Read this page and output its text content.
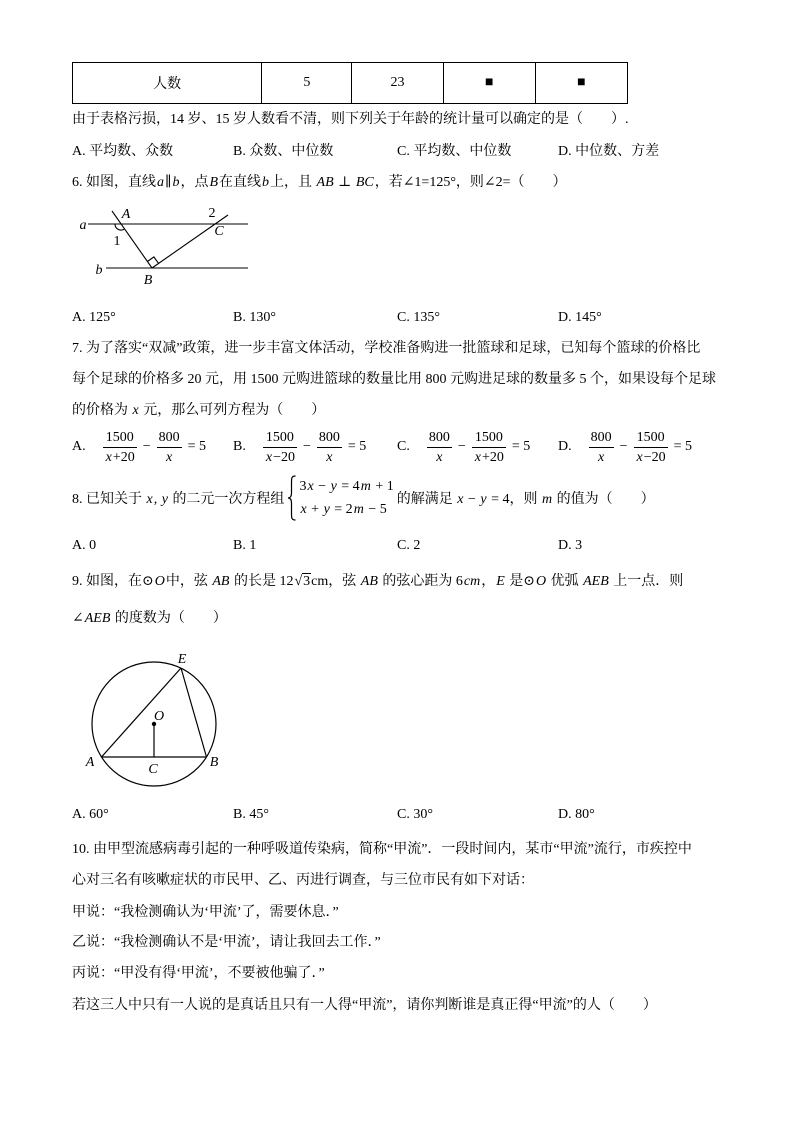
人数	5	23	■	■
由于表格污损，14 岁、15 岁人数看不清，则下列关于年龄的统计量可以确定的是（　　）.
A. 平均数、众数	B. 众数、中位数	C. 平均数、中位数	D. 中位数、方差
6. 如图，直线a∥b，点B在直线b上，且 AB ⊥ BC，若∠1=125°，则∠2=（　　）
a
b
A
1
2
C
B
A. 125°	B. 130°	C. 135°	D. 145°
7. 为了落实“双减”政策，进一步丰富文体活动，学校准备购进一批篮球和足球，已知每个篮球的价格比
每个足球的价格多 20 元，用 1500 元购进篮球的数量比用 800 元购进足球的数量多 5 个，如果设每个足球
的价格为 x 元，那么可列方程为（　　）
A. $\frac{1500}{x+20} - \frac{800}{x} = 5$ B. $\frac{1500}{x-20} - \frac{800}{x} = 5$ C. $\frac{800}{x} - \frac{1500}{x+20} = 5$ D. $\frac{800}{x} - \frac{1500}{x-20} = 5$
8. 已知关于 x, y 的二元一次方程组
3x − y = 4m + 1
x + y = 2m − 5
的解满足 x − y = 4，则 m 的值为（　　）
A. 0	B. 1	C. 2	D. 3
9. 如图，在⊙O中，弦 AB 的长是 12√3cm，弦 AB 的弦心距为 6cm，E 是⊙O 优弧 AEB 上一点．则
∠AEB 的度数为（　　）
E
O
A	B
C
A. 60°	B. 45°	C. 30°	D. 80°
10. 由甲型流感病毒引起的一种呼吸道传染病，简称“甲流”．一段时间内，某市“甲流”流行，市疾控中
心对三名有咳嗽症状的市民甲、乙、丙进行调查，与三位市民有如下对话：
甲说：“我检测确认为‘甲流’了，需要休息．”
乙说：“我检测确认不是‘甲流’，请让我回去工作．”
丙说：“甲没有得‘甲流’，不要被他骗了．”
若这三人中只有一人说的是真话且只有一人得“甲流”，请你判断谁是真正得“甲流”的人（　　）
